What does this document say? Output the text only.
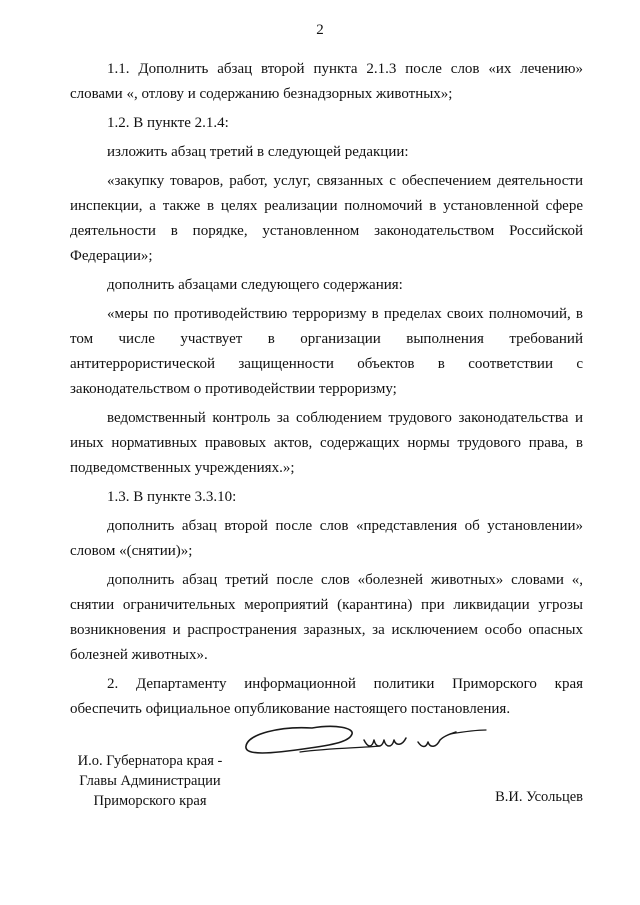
2

1.1. Дополнить абзац второй пункта 2.1.3 после слов «их лечению» словами «, отлову и содержанию безнадзорных животных»;

1.2. В пункте 2.1.4:

изложить абзац третий в следующей редакции:

«закупку товаров, работ, услуг, связанных с обеспечением деятельности инспекции, а также в целях реализации полномочий в установленной сфере деятельности в порядке, установленном законодательством Российской Федерации»;

дополнить абзацами следующего содержания:

«меры по противодействию терроризму в пределах своих полномочий, в том числе участвует в организации выполнения требований антитеррористической защищенности объектов в соответствии с законодательством о противодействии терроризму;

ведомственный контроль за соблюдением трудового законодательства и иных нормативных правовых актов, содержащих нормы трудового права, в подведомственных учреждениях.»;

1.3. В пункте 3.3.10:

дополнить абзац второй после слов «представления об установлении» словом «(снятии)»;

дополнить абзац третий после слов «болезней животных» словами «, снятии ограничительных мероприятий (карантина) при ликвидации угрозы возникновения и распространения заразных, за исключением особо опасных болезней животных».

2. Департаменту информационной политики Приморского края обеспечить официальное опубликование настоящего постановления.

И.о. Губернатора края -
Главы Администрации
Приморского края	В.И. Усольцев
